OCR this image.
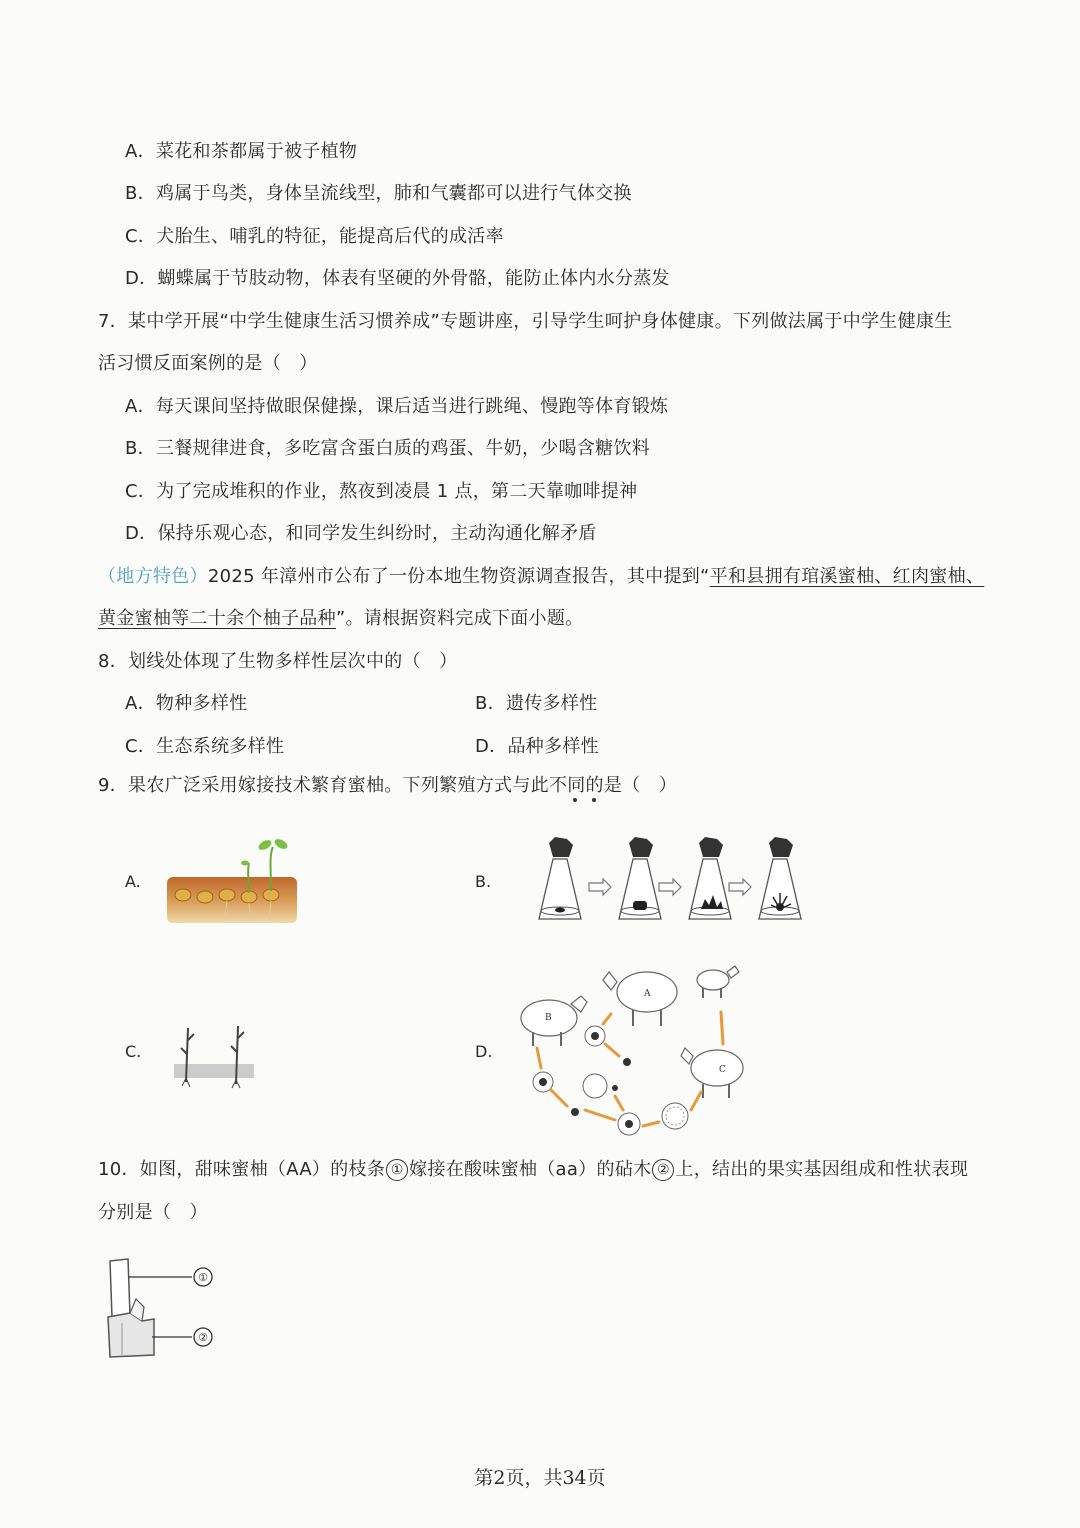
A．菜花和茶都属于被子植物
B．鸡属于鸟类，身体呈流线型，肺和气囊都可以进行气体交换
C．犬胎生、哺乳的特征，能提高后代的成活率
D．蝴蝶属于节肢动物，体表有坚硬的外骨骼，能防止体内水分蒸发
7．某中学开展“中学生健康生活习惯养成”专题讲座，引导学生呵护身体健康。下列做法属于中学生健康生
活习惯反面案例的是（　）
A．每天课间坚持做眼保健操，课后适当进行跳绳、慢跑等体育锻炼
B．三餐规律进食，多吃富含蛋白质的鸡蛋、牛奶，少喝含糖饮料
C．为了完成堆积的作业，熬夜到凌晨 1 点，第二天靠咖啡提神
D．保持乐观心态，和同学发生纠纷时，主动沟通化解矛盾
（地方特色）2025 年漳州市公布了一份本地生物资源调查报告，其中提到“平和县拥有琯溪蜜柚、红肉蜜柚、
黄金蜜柚等二十余个柚子品种”。请根据资料完成下面小题。
8．划线处体现了生物多样性层次中的（　）
A．物种多样性	B．遗传多样性
C．生态系统多样性	D．品种多样性
9．果农广泛采用嫁接技术繁育蜜柚。下列繁殖方式与此不同的是（　）
A.	B.
C.	D.
B
A
C
10．如图，甜味蜜柚（AA）的枝条 ① 嫁接在酸味蜜柚（aa）的砧木 ② 上，结出的果实基因组成和性状表现
分别是（　）
①
②
第2页，共34页
